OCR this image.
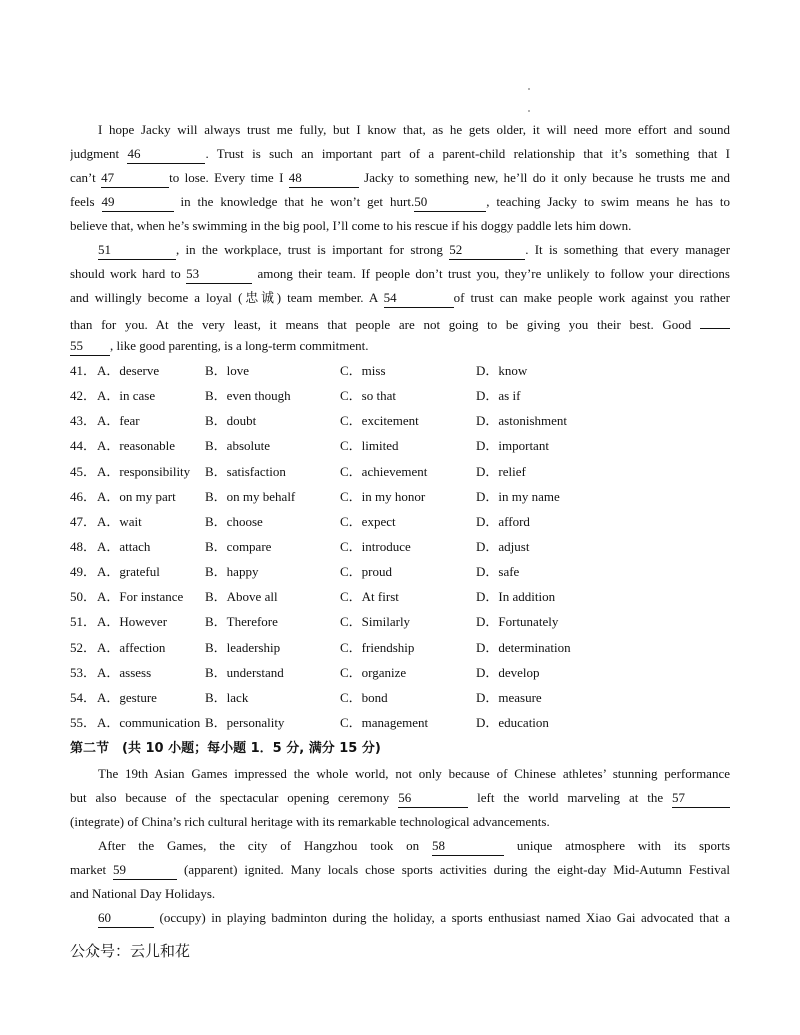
I hope Jacky will always trust me fully, but I know that, as he gets older, it will need more effort and sound
judgment 46	. Trust is such an important part of a parent-child relationship that it’s something that I
can’t 47	to lose. Every time I 48	Jacky to something new, he’ll do it only because he trusts me and
feels 49	in the knowledge that he won’t get hurt.50	, teaching Jacky to swim means he has to
believe that, when he’s swimming in the big pool, I’ll come to his rescue if his doggy paddle lets him down.
51	, in the workplace, trust is important for strong 52	. It is something that every manager
should work hard to 53	among their team. If people don’t trust you, they’re unlikely to follow your directions
and willingly become a loyal (忠诚) team member. A 54	of trust can make people work against you rather
than for you. At the very least, it means that people are not going to be giving you their best. Good
55 , like good parenting, is a long-term commitment.
41． A．deserve	B．love	C．miss	D．know
42． A．in case	B．even though	C．so that	D．as if
43． A．fear	B．doubt	C．excitement	D．astonishment
44． A．reasonable B．absolute	C．limited	D．important
45． A．responsibility B．satisfaction	C．achievement	D．relief
46． A．on my part B．on my behalf	C．in my honor	D．in my name
47． A．wait	B．choose	C．expect	D．afford
48． A．attach	B．compare	C．introduce	D．adjust
49． A．grateful	B．happy	C．proud	D．safe
50． A．For instance B．Above all	C．At first	D．In addition
51． A．However	B．Therefore	C．Similarly	D．Fortunately
52． A．affection	B．leadership	C．friendship	D．determination
53． A．assess	B．understand	C．organize	D．develop
54． A．gesture	B．lack	C．bond	D．measure
55． A．communication B．personality	C．management	D．education
第二节　(共 10 小题；每小题 1．5 分, 满分 15 分)
The 19th Asian Games impressed the whole world, not only because of Chinese athletes’ stunning performance
but also because of the spectacular opening ceremony 56	left the world marveling at the 57
(integrate) of China’s rich cultural heritage with its remarkable technological advancements.
After the Games, the city of Hangzhou took on 58	unique atmosphere with its sports
market 59	(apparent) ignited. Many locals chose sports activities during the eight-day Mid-Autumn Festival
and National Day Holidays.
60	(occupy) in playing badminton during the holiday, a sports enthusiast named Xiao Gai advocated that a
公众号：云儿和花
